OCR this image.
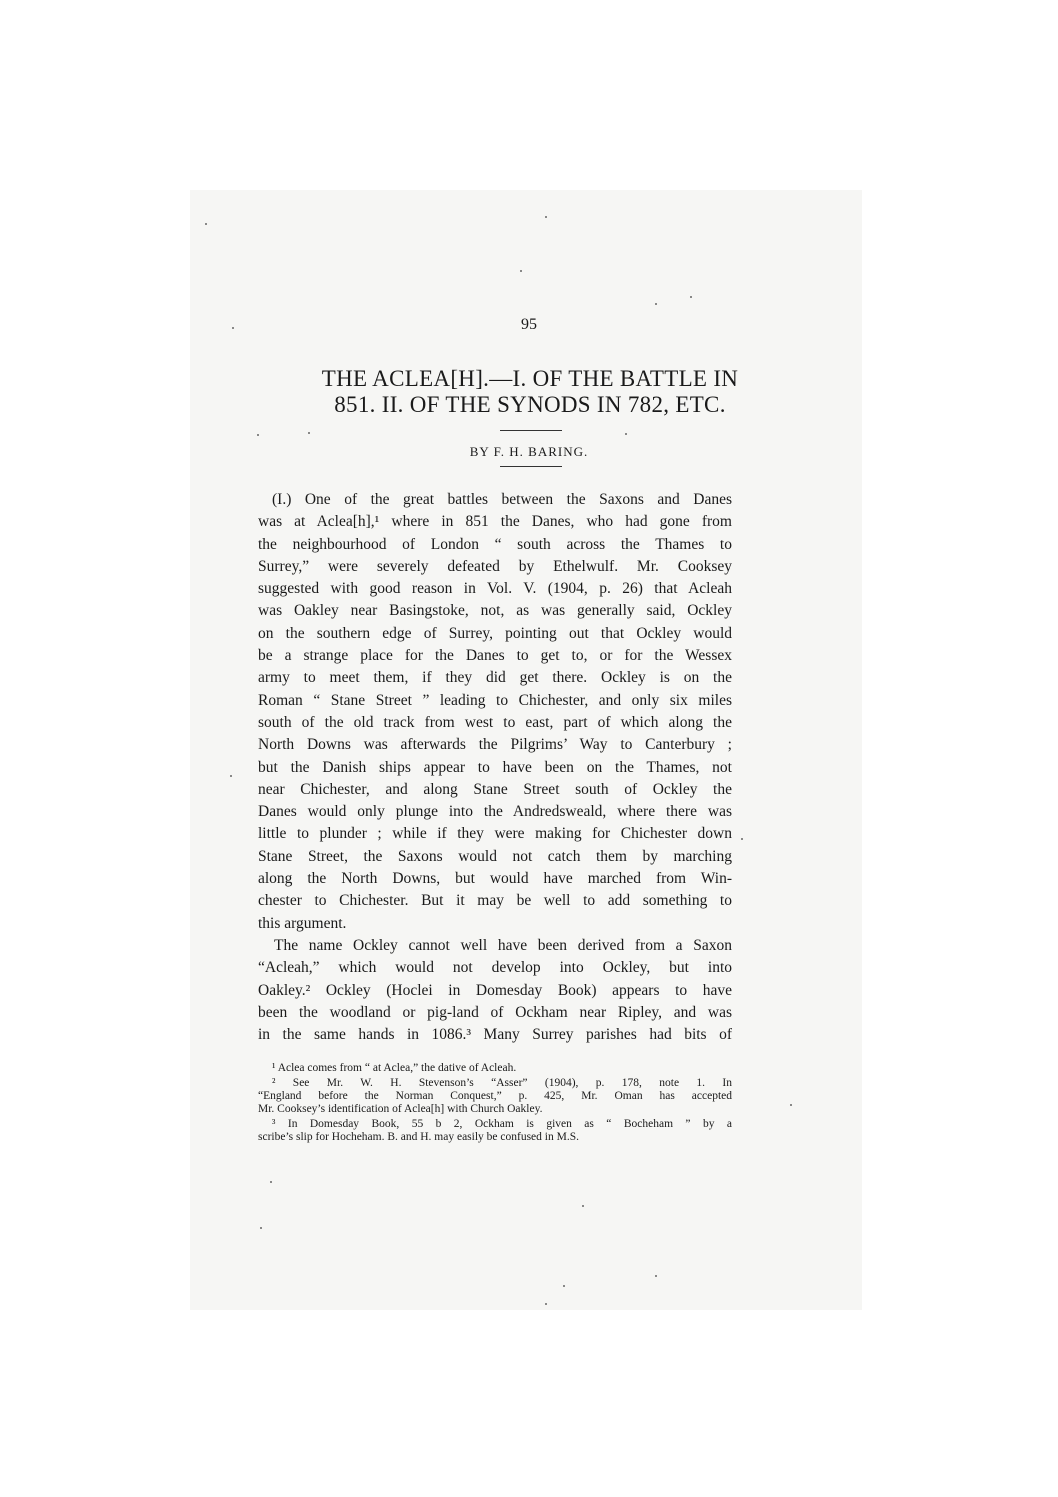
95
THE ACLEA[H].—I. OF THE BATTLE IN
851. II. OF THE SYNODS IN 782, ETC.
BY F. H. BARING.

(I.) One of the great battles between the Saxons and Danes
was at Aclea[h],¹ where in 851 the Danes, who had gone from
the neighbourhood of London “ south across the Thames to
Surrey,” were severely defeated by Ethelwulf. Mr. Cooksey
suggested with good reason in Vol. V. (1904, p. 26) that Acleah
was Oakley near Basingstoke, not, as was generally said, Ockley
on the southern edge of Surrey, pointing out that Ockley would
be a strange place for the Danes to get to, or for the Wessex
army to meet them, if they did get there. Ockley is on the
Roman “ Stane Street ” leading to Chichester, and only six miles
south of the old track from west to east, part of which along the
North Downs was afterwards the Pilgrims’ Way to Canterbury ;
but the Danish ships appear to have been on the Thames, not
near Chichester, and along Stane Street south of Ockley the
Danes would only plunge into the Andredsweald, where there was
little to plunder ; while if they were making for Chichester down
Stane Street, the Saxons would not catch them by marching
along the North Downs, but would have marched from Win-
chester to Chichester. But it may be well to add something to
this argument.

The name Ockley cannot well have been derived from a Saxon
“Acleah,” which would not develop into Ockley, but into
Oakley.² Ockley (Hoclei in Domesday Book) appears to have
been the woodland or pig-land of Ockham near Ripley, and was
in the same hands in 1086.³ Many Surrey parishes had bits of

¹ Aclea comes from “ at Aclea,” the dative of Acleah.

² See Mr. W. H. Stevenson’s “Asser” (1904), p. 178, note 1. In
“England before the Norman Conquest,” p. 425, Mr. Oman has accepted
Mr. Cooksey’s identification of Aclea[h] with Church Oakley.

³ In Domesday Book, 55 b 2, Ockham is given as “ Bocheham ” by a
scribe’s slip for Hocheham. B. and H. may easily be confused in M.S.
